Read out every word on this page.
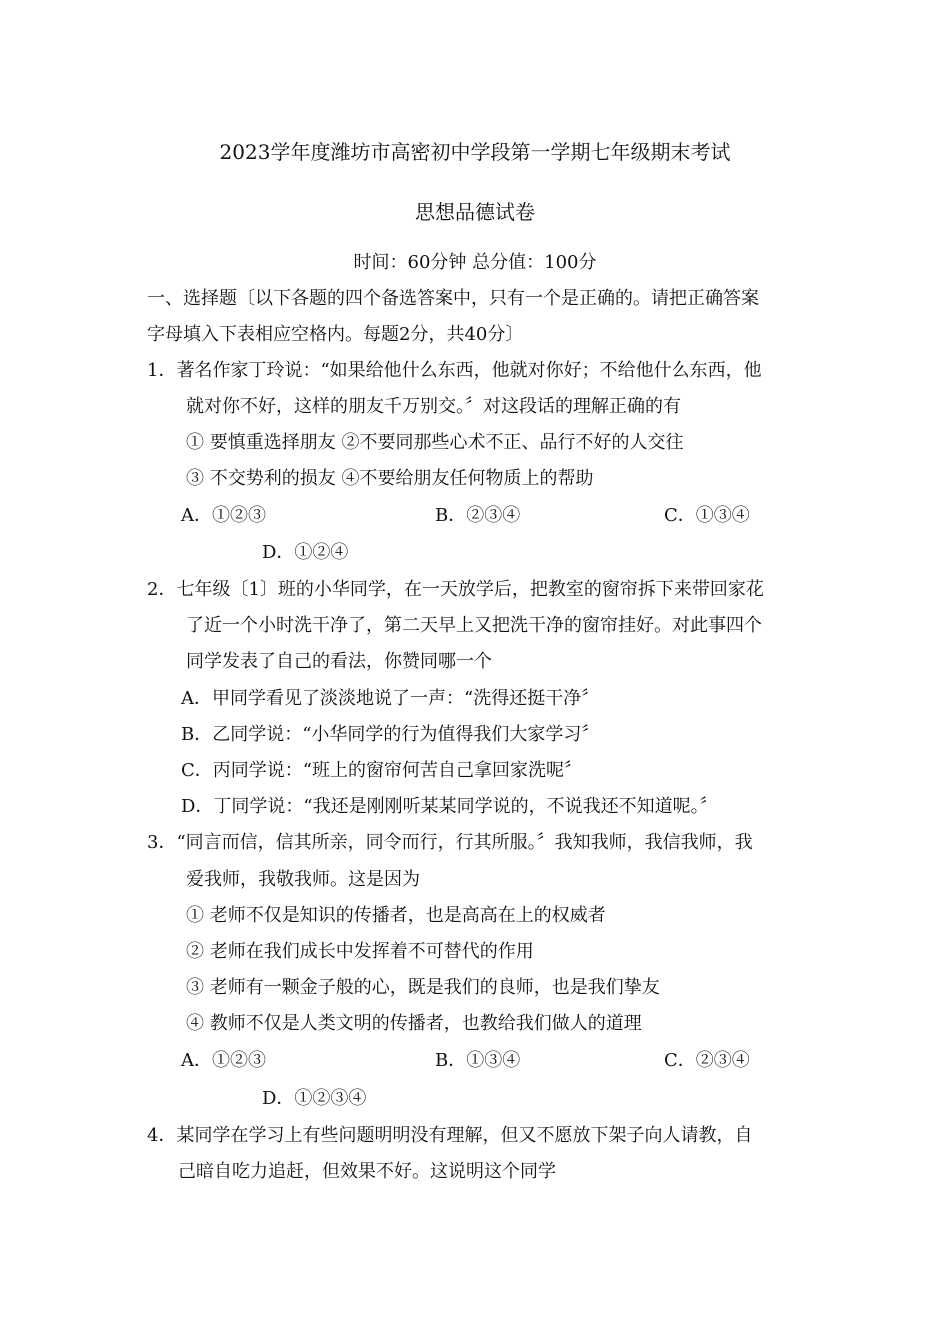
2023学年度潍坊市高密初中学段第一学期七年级期末考试
思想品德试卷
时间：60分钟 总分值：100分
一、选择题〔以下各题的四个备选答案中，只有一个是正确的。请把正确答案
字母填入下表相应空格内。每题2分，共40分〕
1．著名作家丁玲说：“如果给他什么东西，他就对你好；不给他什么东西，他
就对你不好，这样的朋友千万别交。〞对这段话的理解正确的有
① 要慎重选择朋友 ②不要同那些心术不正、品行不好的人交往
③ 不交势利的损友 ④不要给朋友任何物质上的帮助
A．①②③	B．②③④	C．①③④
D．①②④
2．七年级〔1〕班的小华同学，在一天放学后，把教室的窗帘拆下来带回家花
了近一个小时洗干净了，第二天早上又把洗干净的窗帘挂好。对此事四个
同学发表了自己的看法，你赞同哪一个
A．甲同学看见了淡淡地说了一声：“洗得还挺干净〞
B．乙同学说：“小华同学的行为值得我们大家学习〞
C．丙同学说：“班上的窗帘何苦自己拿回家洗呢〞
D．丁同学说：“我还是刚刚听某某同学说的，不说我还不知道呢。〞
3．“同言而信，信其所亲，同令而行，行其所服。〞我知我师，我信我师，我
爱我师，我敬我师。这是因为
① 老师不仅是知识的传播者，也是高高在上的权威者
② 老师在我们成长中发挥着不可替代的作用
③ 老师有一颗金子般的心，既是我们的良师，也是我们挚友
④ 教师不仅是人类文明的传播者，也教给我们做人的道理
A．①②③	B．①③④	C．②③④
D．①②③④
4．某同学在学习上有些问题明明没有理解，但又不愿放下架子向人请教，自
己暗自吃力追赶，但效果不好。这说明这个同学
